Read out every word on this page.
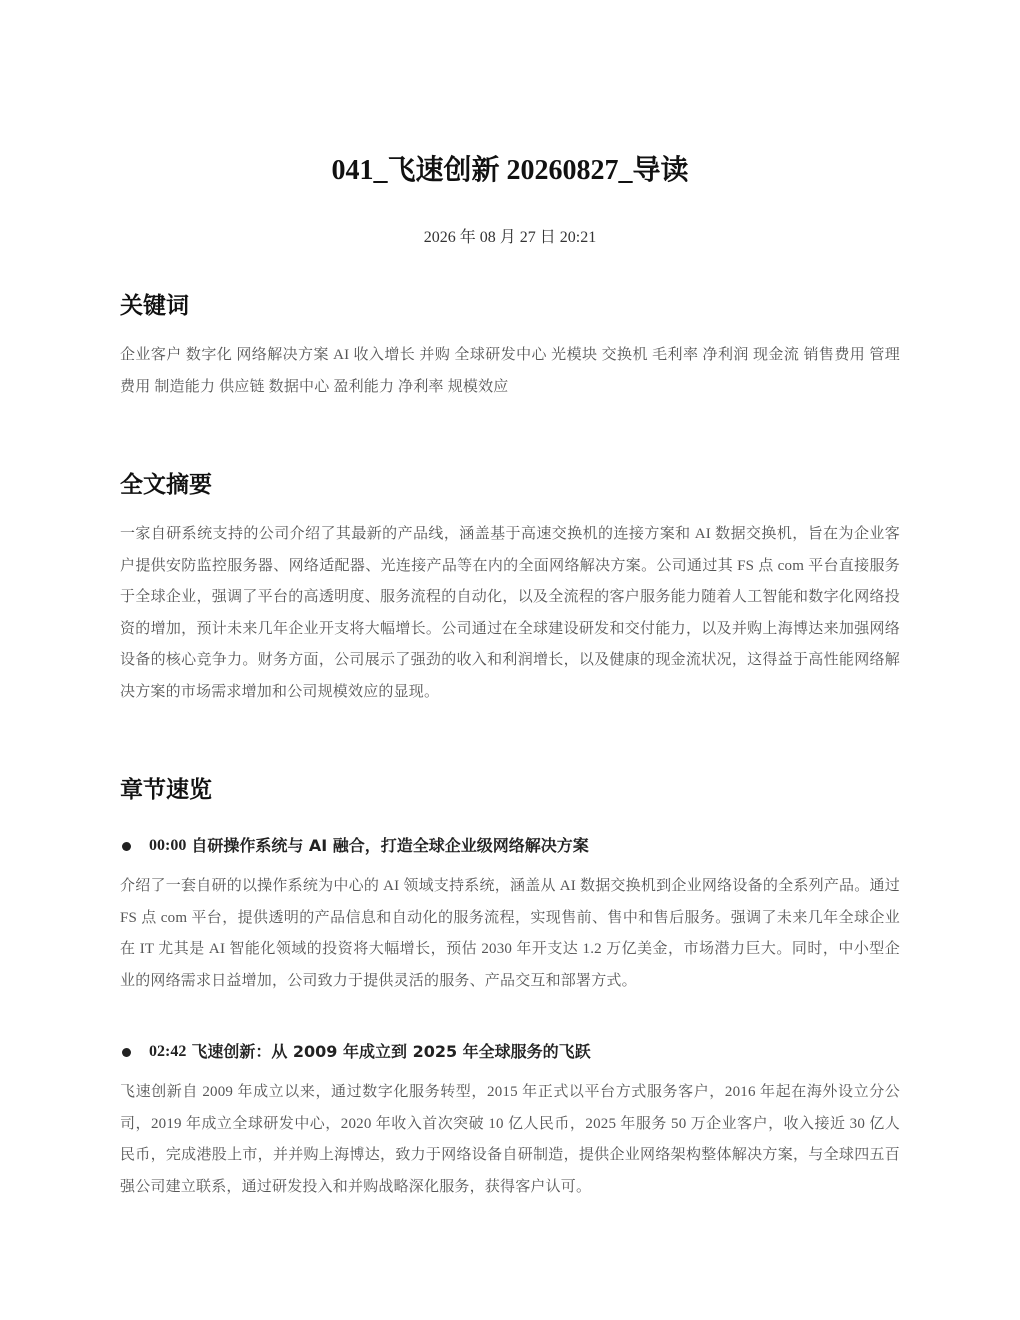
041_飞速创新 20260827_导读
2026 年 08 月 27 日 20:21
关键词

企业客户 数字化 网络解决方案 AI 收入增长 并购 全球研发中心 光模块 交换机 毛利率 净利润 现金流 销售费用 管理费用 制造能力 供应链 数据中心 盈利能力 净利率 规模效应

全文摘要

一家自研系统支持的公司介绍了其最新的产品线，涵盖基于高速交换机的连接方案和 AI 数据交换机，旨在为企业客户提供安防监控服务器、网络适配器、光连接产品等在内的全面网络解决方案。公司通过其 FS 点 com 平台直接服务于全球企业，强调了平台的高透明度、服务流程的自动化，以及全流程的客户服务能力随着人工智能和数字化网络投资的增加，预计未来几年企业开支将大幅增长。公司通过在全球建设研发和交付能力，以及并购上海博达来加强网络设备的核心竞争力。财务方面，公司展示了强劲的收入和利润增长，以及健康的现金流状况，这得益于高性能网络解决方案的市场需求增加和公司规模效应的显现。

章节速览
00:00 自研操作系统与 AI 融合，打造全球企业级网络解决方案

介绍了一套自研的以操作系统为中心的 AI 领域支持系统，涵盖从 AI 数据交换机到企业网络设备的全系列产品。通过 FS 点 com 平台，提供透明的产品信息和自动化的服务流程，实现售前、售中和售后服务。强调了未来几年全球企业在 IT 尤其是 AI 智能化领域的投资将大幅增长，预估 2030 年开支达 1.2 万亿美金，市场潜力巨大。同时，中小型企业的网络需求日益增加，公司致力于提供灵活的服务、产品交互和部署方式。

02:42 飞速创新：从 2009 年成立到 2025 年全球服务的飞跃

飞速创新自 2009 年成立以来，通过数字化服务转型，2015 年正式以平台方式服务客户，2016 年起在海外设立分公司，2019 年成立全球研发中心，2020 年收入首次突破 10 亿人民币，2025 年服务 50 万企业客户，收入接近 30 亿人民币，完成港股上市，并并购上海博达，致力于网络设备自研制造，提供企业网络架构整体解决方案，与全球四五百强公司建立联系，通过研发投入和并购战略深化服务，获得客户认可。
